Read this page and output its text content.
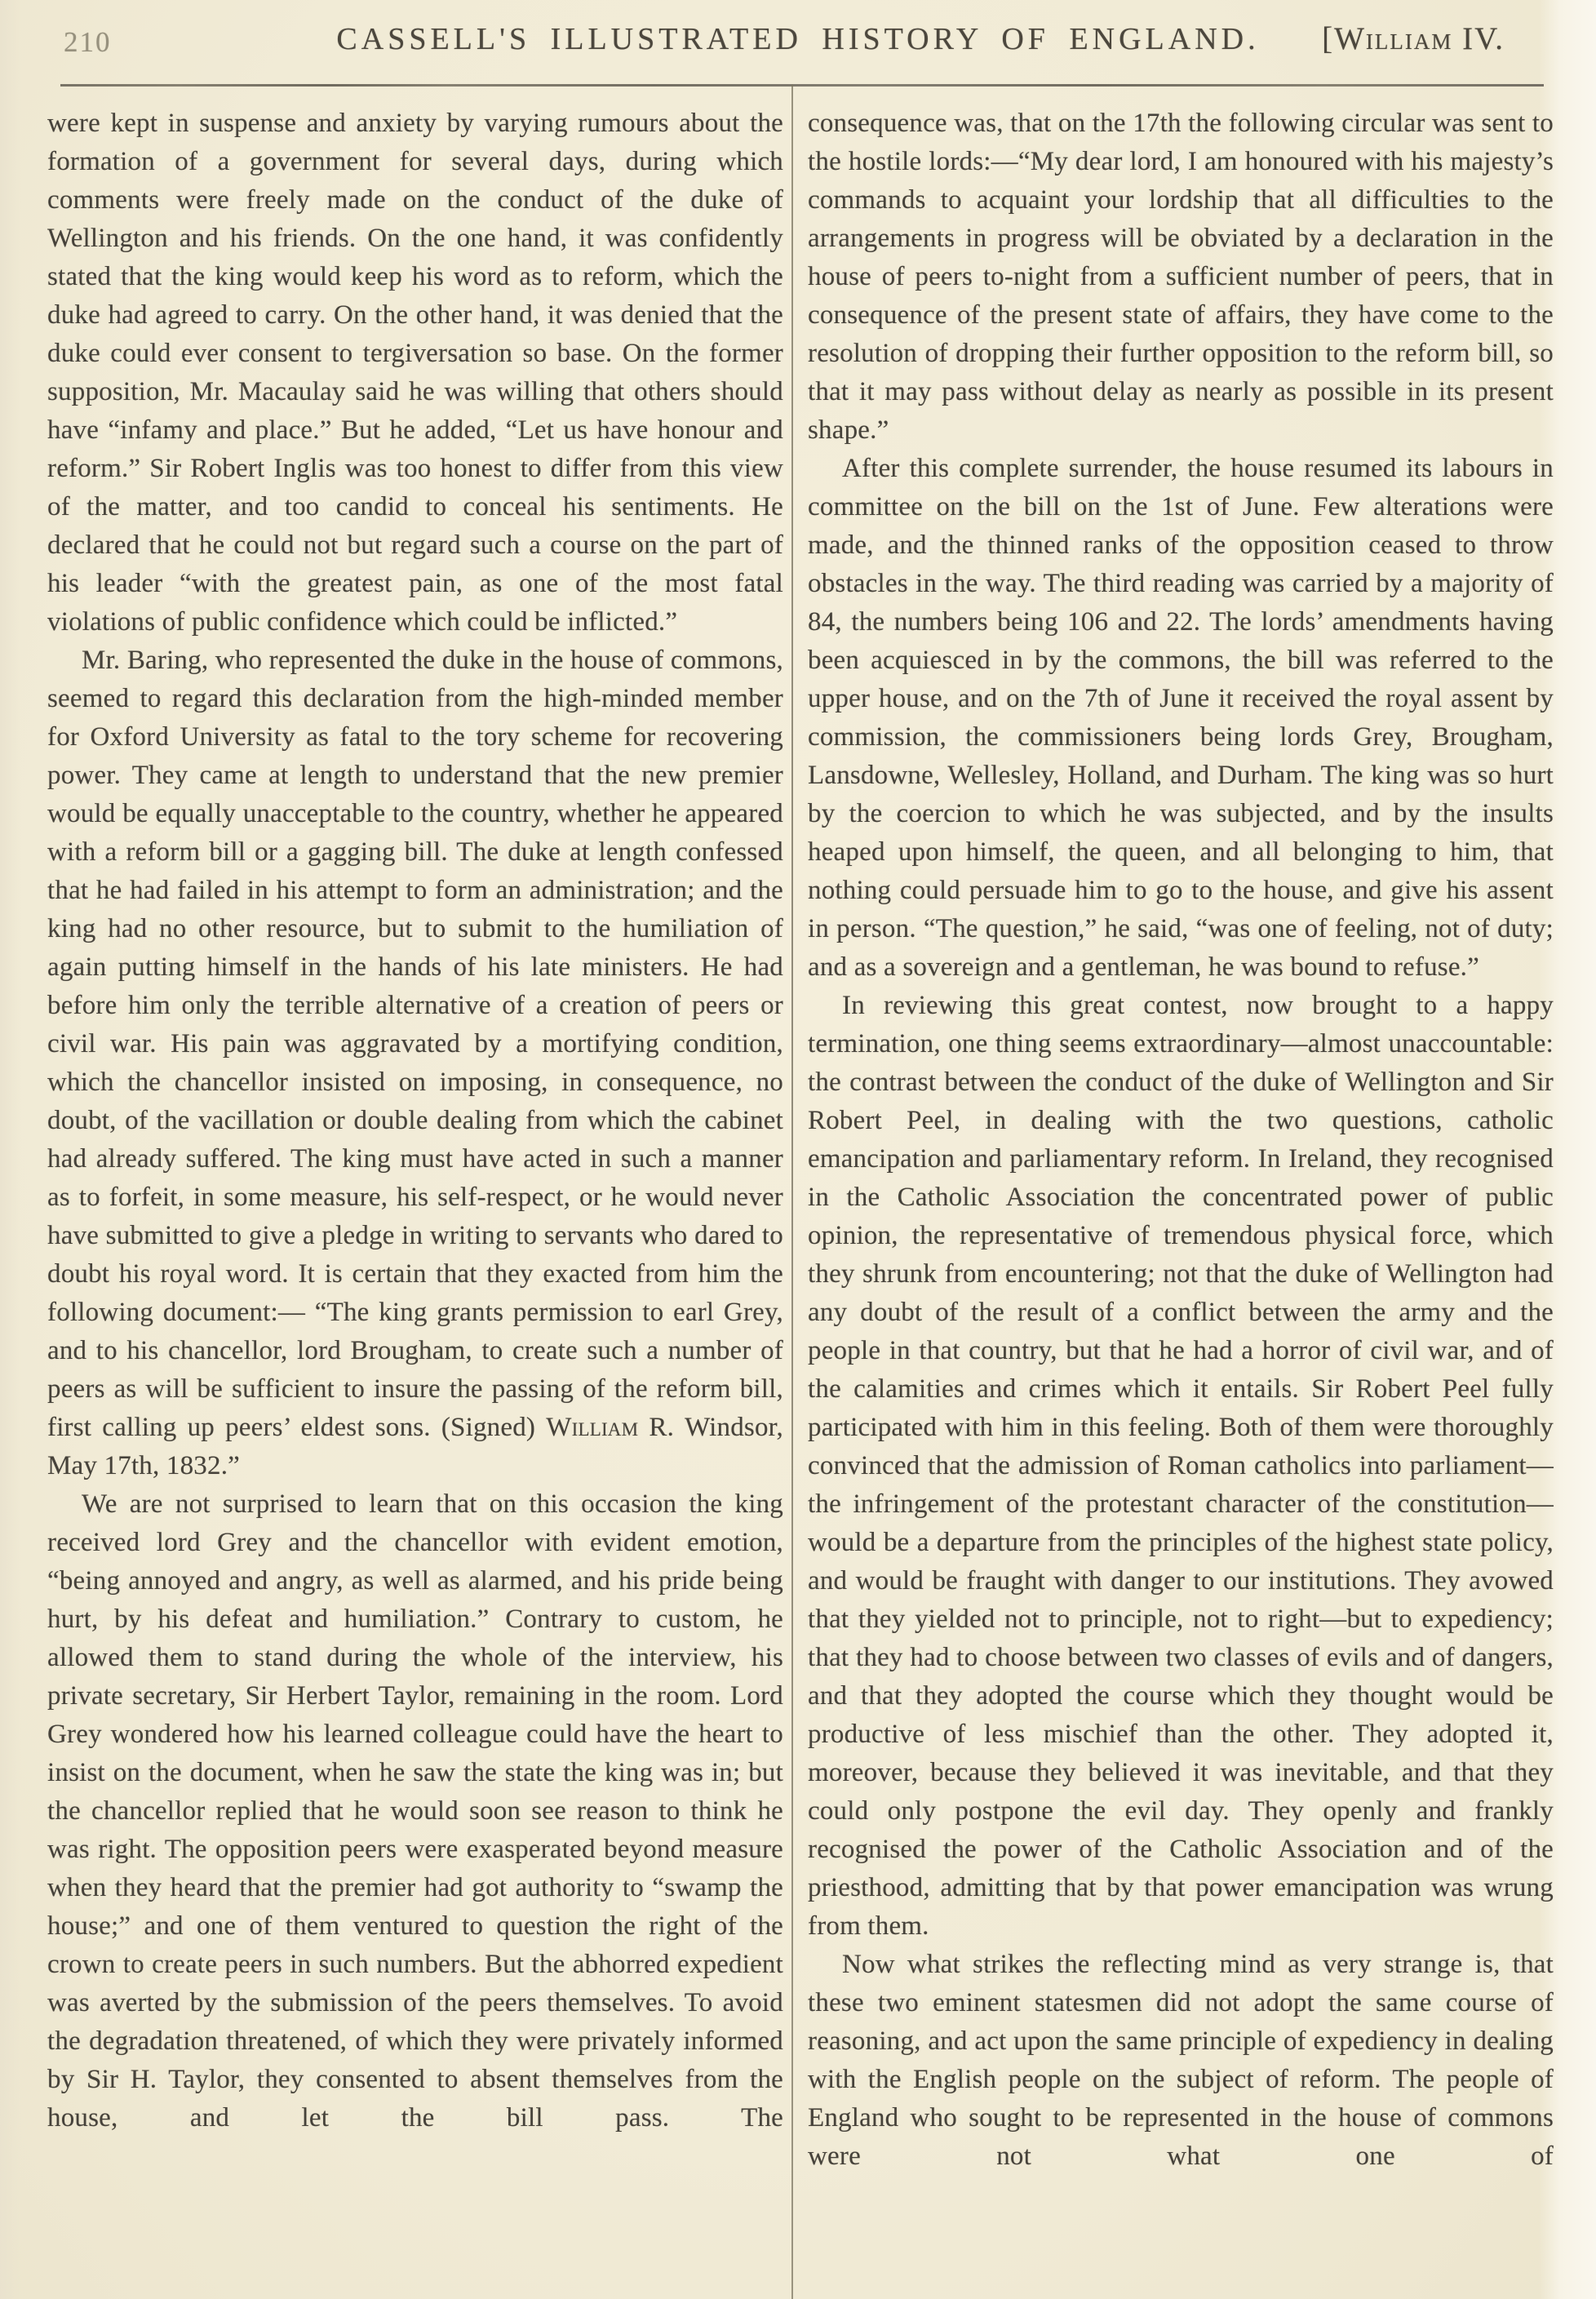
210	CASSELL'S ILLUSTRATED HISTORY OF ENGLAND.	[William IV.

were kept in suspense and anxiety by varying rumours about the formation of a government for several days, during which comments were freely made on the conduct of the duke of Wellington and his friends. On the one hand, it was confidently stated that the king would keep his word as to reform, which the duke had agreed to carry. On the other hand, it was denied that the duke could ever consent to tergiversation so base. On the former supposition, Mr. Macaulay said he was willing that others should have “infamy and place.” But he added, “Let us have honour and reform.” Sir Robert Inglis was too honest to differ from this view of the matter, and too candid to conceal his sentiments. He declared that he could not but regard such a course on the part of his leader “with the greatest pain, as one of the most fatal violations of public confidence which could be inflicted.”

Mr. Baring, who represented the duke in the house of commons, seemed to regard this declaration from the high-minded member for Oxford University as fatal to the tory scheme for recovering power. They came at length to understand that the new premier would be equally unacceptable to the country, whether he appeared with a reform bill or a gagging bill. The duke at length confessed that he had failed in his attempt to form an administration; and the king had no other resource, but to submit to the humiliation of again putting himself in the hands of his late ministers. He had before him only the terrible alternative of a creation of peers or civil war. His pain was aggravated by a mortifying condition, which the chancellor insisted on imposing, in consequence, no doubt, of the vacillation or double dealing from which the cabinet had already suffered. The king must have acted in such a manner as to forfeit, in some measure, his self-respect, or he would never have submitted to give a pledge in writing to servants who dared to doubt his royal word. It is certain that they exacted from him the following document:— “The king grants permission to earl Grey, and to his chancellor, lord Brougham, to create such a number of peers as will be sufficient to insure the passing of the reform bill, first calling up peers’ eldest sons. (Signed) William R. Windsor, May 17th, 1832.”

We are not surprised to learn that on this occasion the king received lord Grey and the chancellor with evident emotion, “being annoyed and angry, as well as alarmed, and his pride being hurt, by his defeat and humiliation.” Contrary to custom, he allowed them to stand during the whole of the interview, his private secretary, Sir Herbert Taylor, remaining in the room. Lord Grey wondered how his learned colleague could have the heart to insist on the document, when he saw the state the king was in; but the chancellor replied that he would soon see reason to think he was right. The opposition peers were exasperated beyond measure when they heard that the premier had got authority to “swamp the house;” and one of them ventured to question the right of the crown to create peers in such numbers. But the abhorred expedient was averted by the submission of the peers themselves. To avoid the degradation threatened, of which they were privately informed by Sir H. Taylor, they consented to absent themselves from the house, and let the bill pass. The

consequence was, that on the 17th the following circular was sent to the hostile lords:—“My dear lord, I am honoured with his majesty’s commands to acquaint your lordship that all difficulties to the arrangements in progress will be obviated by a declaration in the house of peers to-night from a sufficient number of peers, that in consequence of the present state of affairs, they have come to the resolution of dropping their further opposition to the reform bill, so that it may pass without delay as nearly as possible in its present shape.”

After this complete surrender, the house resumed its labours in committee on the bill on the 1st of June. Few alterations were made, and the thinned ranks of the opposition ceased to throw obstacles in the way. The third reading was carried by a majority of 84, the numbers being 106 and 22. The lords’ amendments having been acquiesced in by the commons, the bill was referred to the upper house, and on the 7th of June it received the royal assent by commission, the commissioners being lords Grey, Brougham, Lansdowne, Wellesley, Holland, and Durham. The king was so hurt by the coercion to which he was subjected, and by the insults heaped upon himself, the queen, and all belonging to him, that nothing could persuade him to go to the house, and give his assent in person. “The question,” he said, “was one of feeling, not of duty; and as a sovereign and a gentleman, he was bound to refuse.”

In reviewing this great contest, now brought to a happy termination, one thing seems extraordinary—almost unaccountable: the contrast between the conduct of the duke of Wellington and Sir Robert Peel, in dealing with the two questions, catholic emancipation and parliamentary reform. In Ireland, they recognised in the Catholic Association the concentrated power of public opinion, the representative of tremendous physical force, which they shrunk from encountering; not that the duke of Wellington had any doubt of the result of a conflict between the army and the people in that country, but that he had a horror of civil war, and of the calamities and crimes which it entails. Sir Robert Peel fully participated with him in this feeling. Both of them were thoroughly convinced that the admission of Roman catholics into parliament—the infringement of the protestant character of the constitution—would be a departure from the principles of the highest state policy, and would be fraught with danger to our institutions. They avowed that they yielded not to principle, not to right—but to expediency; that they had to choose between two classes of evils and of dangers, and that they adopted the course which they thought would be productive of less mischief than the other. They adopted it, moreover, because they believed it was inevitable, and that they could only postpone the evil day. They openly and frankly recognised the power of the Catholic Association and of the priesthood, admitting that by that power emancipation was wrung from them.

Now what strikes the reflecting mind as very strange is, that these two eminent statesmen did not adopt the same course of reasoning, and act upon the same principle of expediency in dealing with the English people on the subject of reform. The people of England who sought to be represented in the house of commons were not what one of
